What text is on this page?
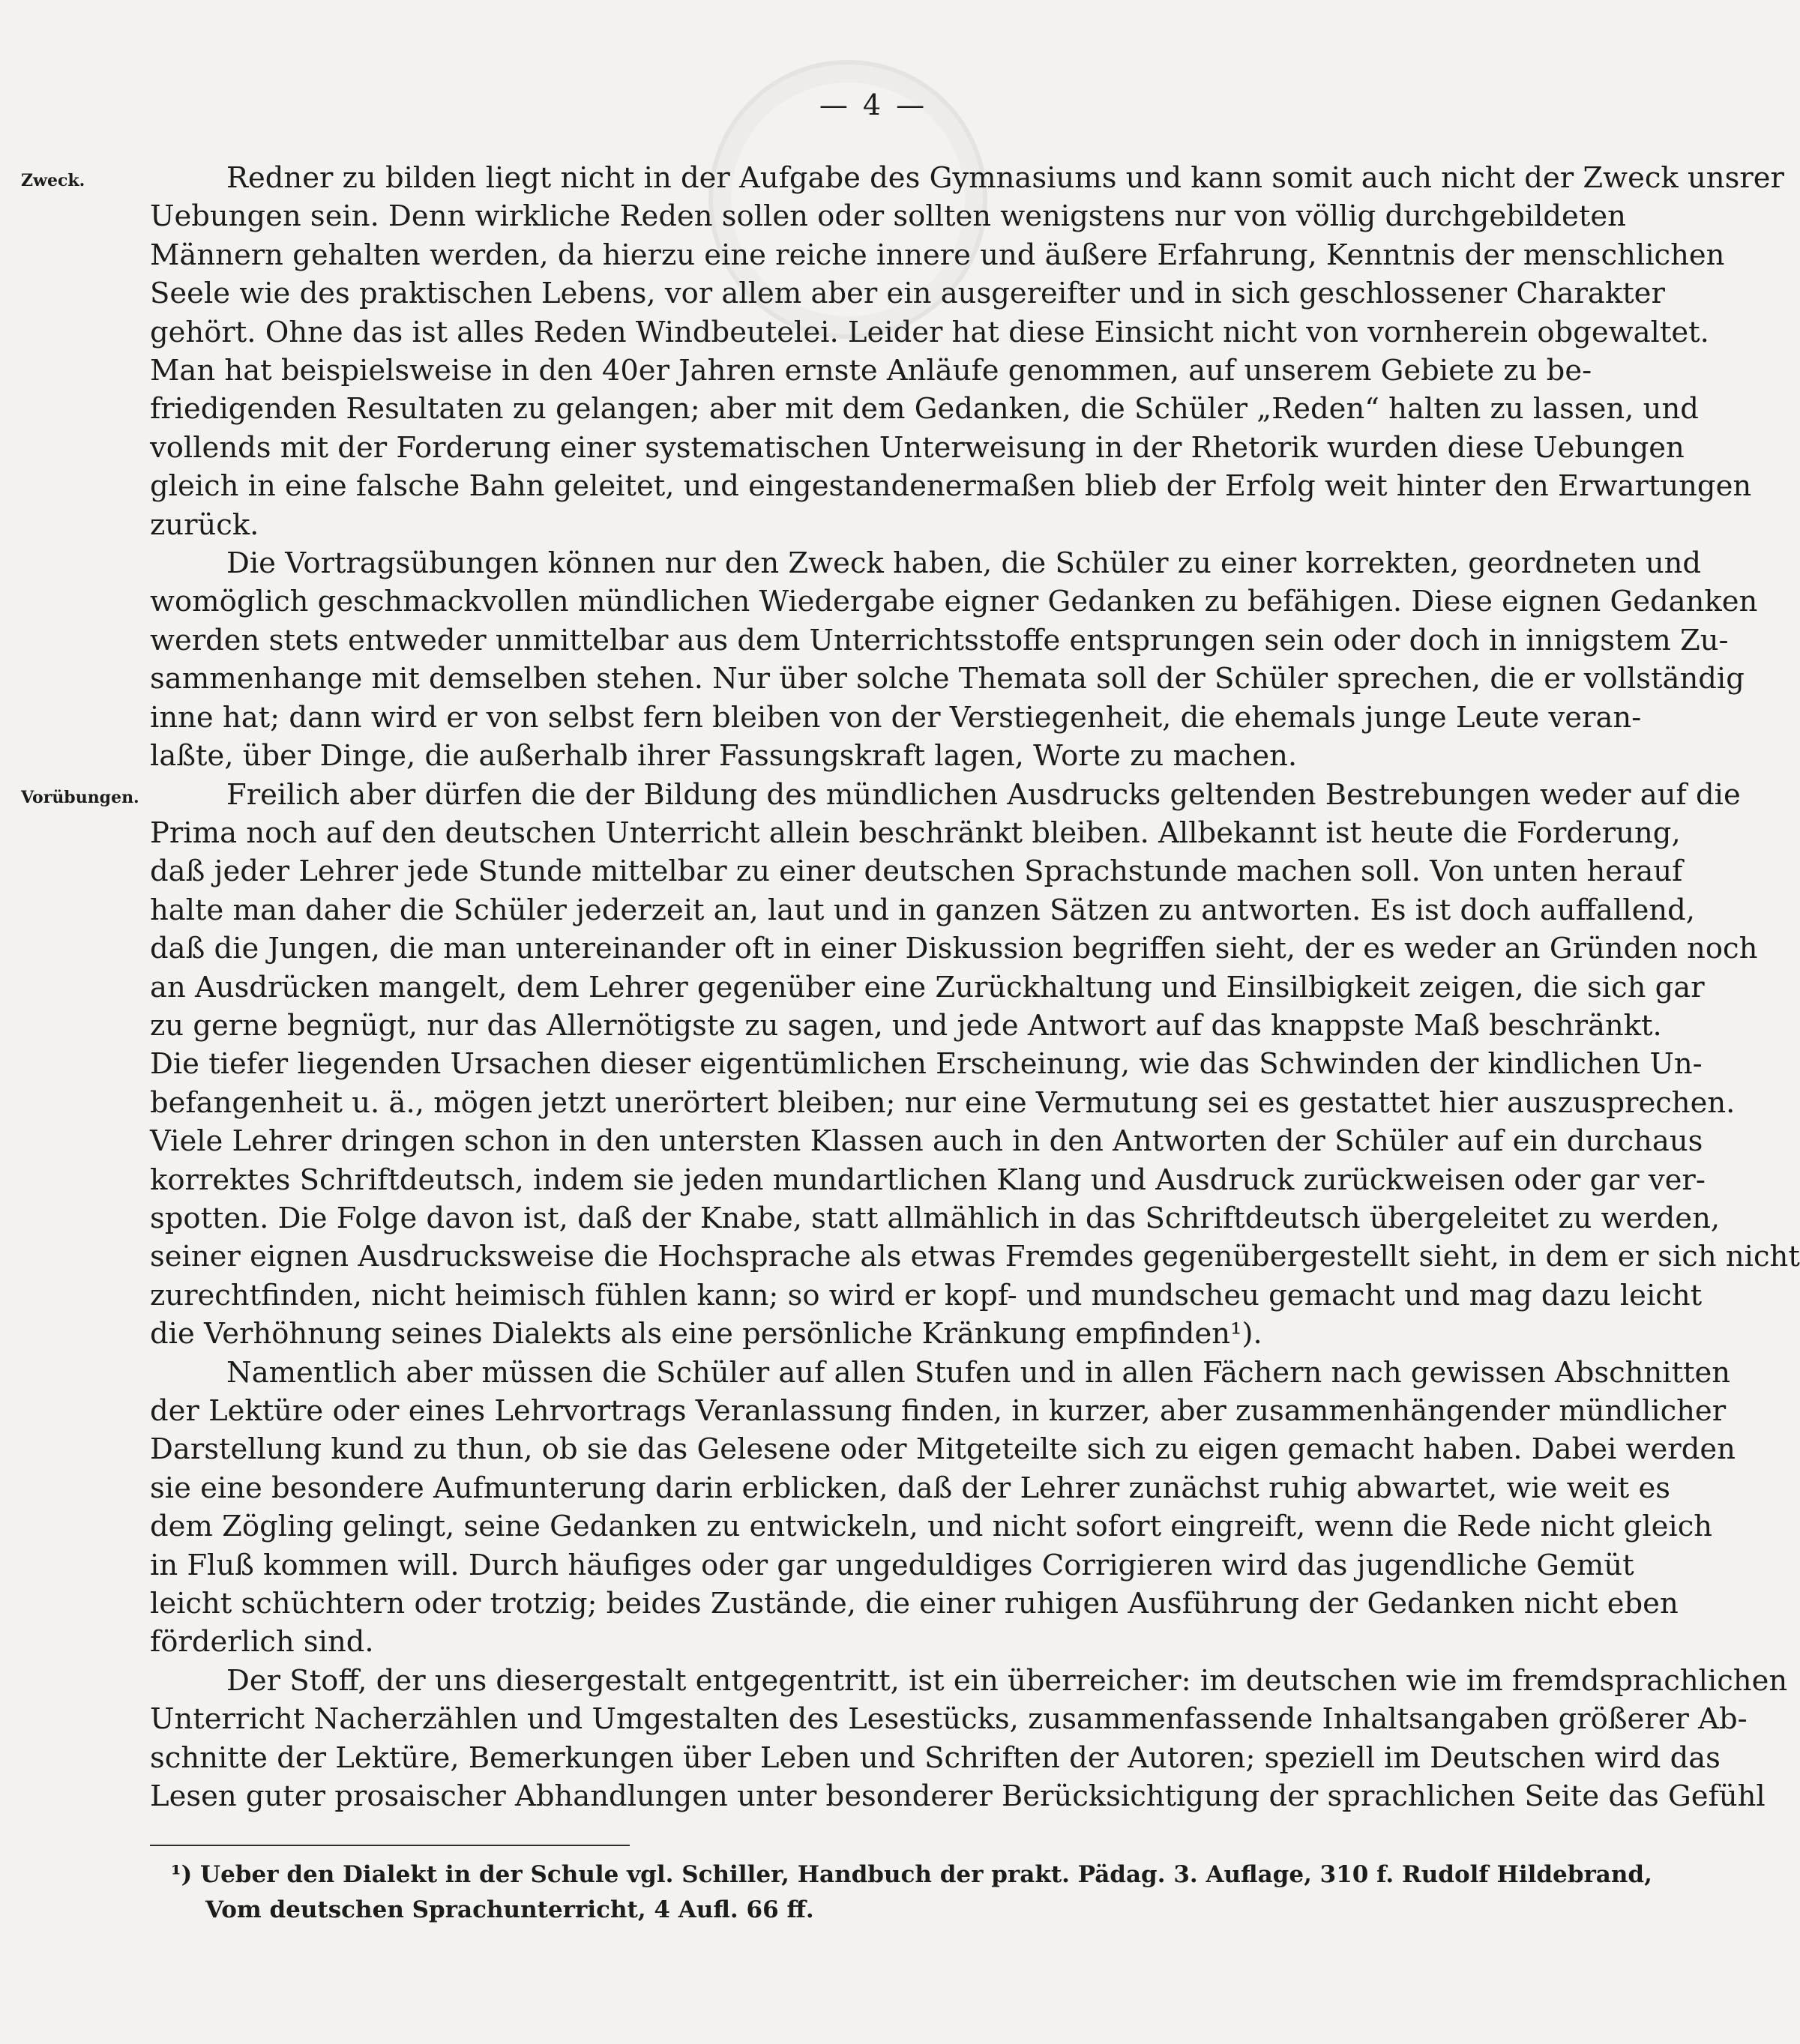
— 4 —
Zweck.
Vorübungen.
Redner zu bilden liegt nicht in der Aufgabe des Gymnasiums und kann somit auch nicht der Zweck unsrer
Uebungen sein. Denn wirkliche Reden sollen oder sollten wenigstens nur von völlig durchgebildeten
Männern gehalten werden, da hierzu eine reiche innere und äußere Erfahrung, Kenntnis der menschlichen
Seele wie des praktischen Lebens, vor allem aber ein ausgereifter und in sich geschlossener Charakter
gehört. Ohne das ist alles Reden Windbeutelei. Leider hat diese Einsicht nicht von vornherein obgewaltet.
Man hat beispielsweise in den 40er Jahren ernste Anläufe genommen, auf unserem Gebiete zu be-
friedigenden Resultaten zu gelangen; aber mit dem Gedanken, die Schüler „Reden“ halten zu lassen, und
vollends mit der Forderung einer systematischen Unterweisung in der Rhetorik wurden diese Uebungen
gleich in eine falsche Bahn geleitet, und eingestandenermaßen blieb der Erfolg weit hinter den Erwartungen
zurück.
Die Vortragsübungen können nur den Zweck haben, die Schüler zu einer korrekten, geordneten und
womöglich geschmackvollen mündlichen Wiedergabe eigner Gedanken zu befähigen. Diese eignen Gedanken
werden stets entweder unmittelbar aus dem Unterrichtsstoffe entsprungen sein oder doch in innigstem Zu-
sammenhange mit demselben stehen. Nur über solche Themata soll der Schüler sprechen, die er vollständig
inne hat; dann wird er von selbst fern bleiben von der Verstiegenheit, die ehemals junge Leute veran-
laßte, über Dinge, die außerhalb ihrer Fassungskraft lagen, Worte zu machen.
Freilich aber dürfen die der Bildung des mündlichen Ausdrucks geltenden Bestrebungen weder auf die
Prima noch auf den deutschen Unterricht allein beschränkt bleiben. Allbekannt ist heute die Forderung,
daß jeder Lehrer jede Stunde mittelbar zu einer deutschen Sprachstunde machen soll. Von unten herauf
halte man daher die Schüler jederzeit an, laut und in ganzen Sätzen zu antworten. Es ist doch auffallend,
daß die Jungen, die man untereinander oft in einer Diskussion begriffen sieht, der es weder an Gründen noch
an Ausdrücken mangelt, dem Lehrer gegenüber eine Zurückhaltung und Einsilbigkeit zeigen, die sich gar
zu gerne begnügt, nur das Allernötigste zu sagen, und jede Antwort auf das knappste Maß beschränkt.
Die tiefer liegenden Ursachen dieser eigentümlichen Erscheinung, wie das Schwinden der kindlichen Un-
befangenheit u. ä., mögen jetzt unerörtert bleiben; nur eine Vermutung sei es gestattet hier auszusprechen.
Viele Lehrer dringen schon in den untersten Klassen auch in den Antworten der Schüler auf ein durchaus
korrektes Schriftdeutsch, indem sie jeden mundartlichen Klang und Ausdruck zurückweisen oder gar ver-
spotten. Die Folge davon ist, daß der Knabe, statt allmählich in das Schriftdeutsch übergeleitet zu werden,
seiner eignen Ausdrucksweise die Hochsprache als etwas Fremdes gegenübergestellt sieht, in dem er sich nicht
zurechtfinden, nicht heimisch fühlen kann; so wird er kopf- und mundscheu gemacht und mag dazu leicht
die Verhöhnung seines Dialekts als eine persönliche Kränkung empfinden¹).
Namentlich aber müssen die Schüler auf allen Stufen und in allen Fächern nach gewissen Abschnitten
der Lektüre oder eines Lehrvortrags Veranlassung finden, in kurzer, aber zusammenhängender mündlicher
Darstellung kund zu thun, ob sie das Gelesene oder Mitgeteilte sich zu eigen gemacht haben. Dabei werden
sie eine besondere Aufmunterung darin erblicken, daß der Lehrer zunächst ruhig abwartet, wie weit es
dem Zögling gelingt, seine Gedanken zu entwickeln, und nicht sofort eingreift, wenn die Rede nicht gleich
in Fluß kommen will. Durch häufiges oder gar ungeduldiges Corrigieren wird das jugendliche Gemüt
leicht schüchtern oder trotzig; beides Zustände, die einer ruhigen Ausführung der Gedanken nicht eben
förderlich sind.
Der Stoff, der uns diesergestalt entgegentritt, ist ein überreicher: im deutschen wie im fremdsprachlichen
Unterricht Nacherzählen und Umgestalten des Lesestücks, zusammenfassende Inhaltsangaben größerer Ab-
schnitte der Lektüre, Bemerkungen über Leben und Schriften der Autoren; speziell im Deutschen wird das
Lesen guter prosaischer Abhandlungen unter besonderer Berücksichtigung der sprachlichen Seite das Gefühl
¹) Ueber den Dialekt in der Schule vgl. Schiller, Handbuch der prakt. Pädag. 3. Auflage, 310 f. Rudolf Hildebrand,
Vom deutschen Sprachunterricht, 4 Aufl. 66 ff.
